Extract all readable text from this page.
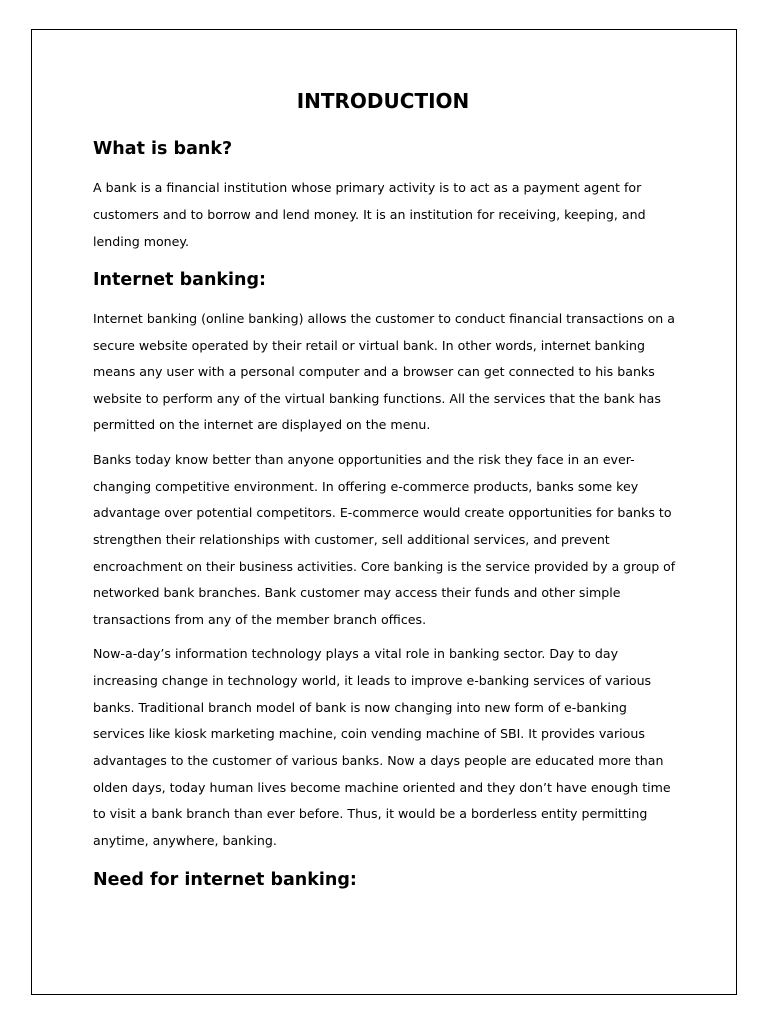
INTRODUCTION
What is bank?

A bank is a financial institution whose primary activity is to act as a payment agent for

customers and to borrow and lend money. It is an institution for receiving, keeping, and

lending money.

Internet banking:

Internet banking (online banking) allows the customer to conduct financial transactions on a

secure website operated by their retail or virtual bank. In other words, internet banking

means any user with a personal computer and a browser can get connected to his banks

website to perform any of the virtual banking functions. All the services that the bank has

permitted on the internet are displayed on the menu.

Banks today know better than anyone opportunities and the risk they face in an ever-

changing competitive environment. In offering e-commerce products, banks some key

advantage over potential competitors. E-commerce would create opportunities for banks to

strengthen their relationships with customer, sell additional services, and prevent

encroachment on their business activities. Core banking is the service provided by a group of

networked bank branches. Bank customer may access their funds and other simple

transactions from any of the member branch offices.

Now-a-day’s information technology plays a vital role in banking sector. Day to day

increasing change in technology world, it leads to improve e-banking services of various

banks. Traditional branch model of bank is now changing into new form of e-banking

services like kiosk marketing machine, coin vending machine of SBI. It provides various

advantages to the customer of various banks. Now a days people are educated more than

olden days, today human lives become machine oriented and they don’t have enough time

to visit a bank branch than ever before. Thus, it would be a borderless entity permitting

anytime, anywhere, banking.

Need for internet banking:
